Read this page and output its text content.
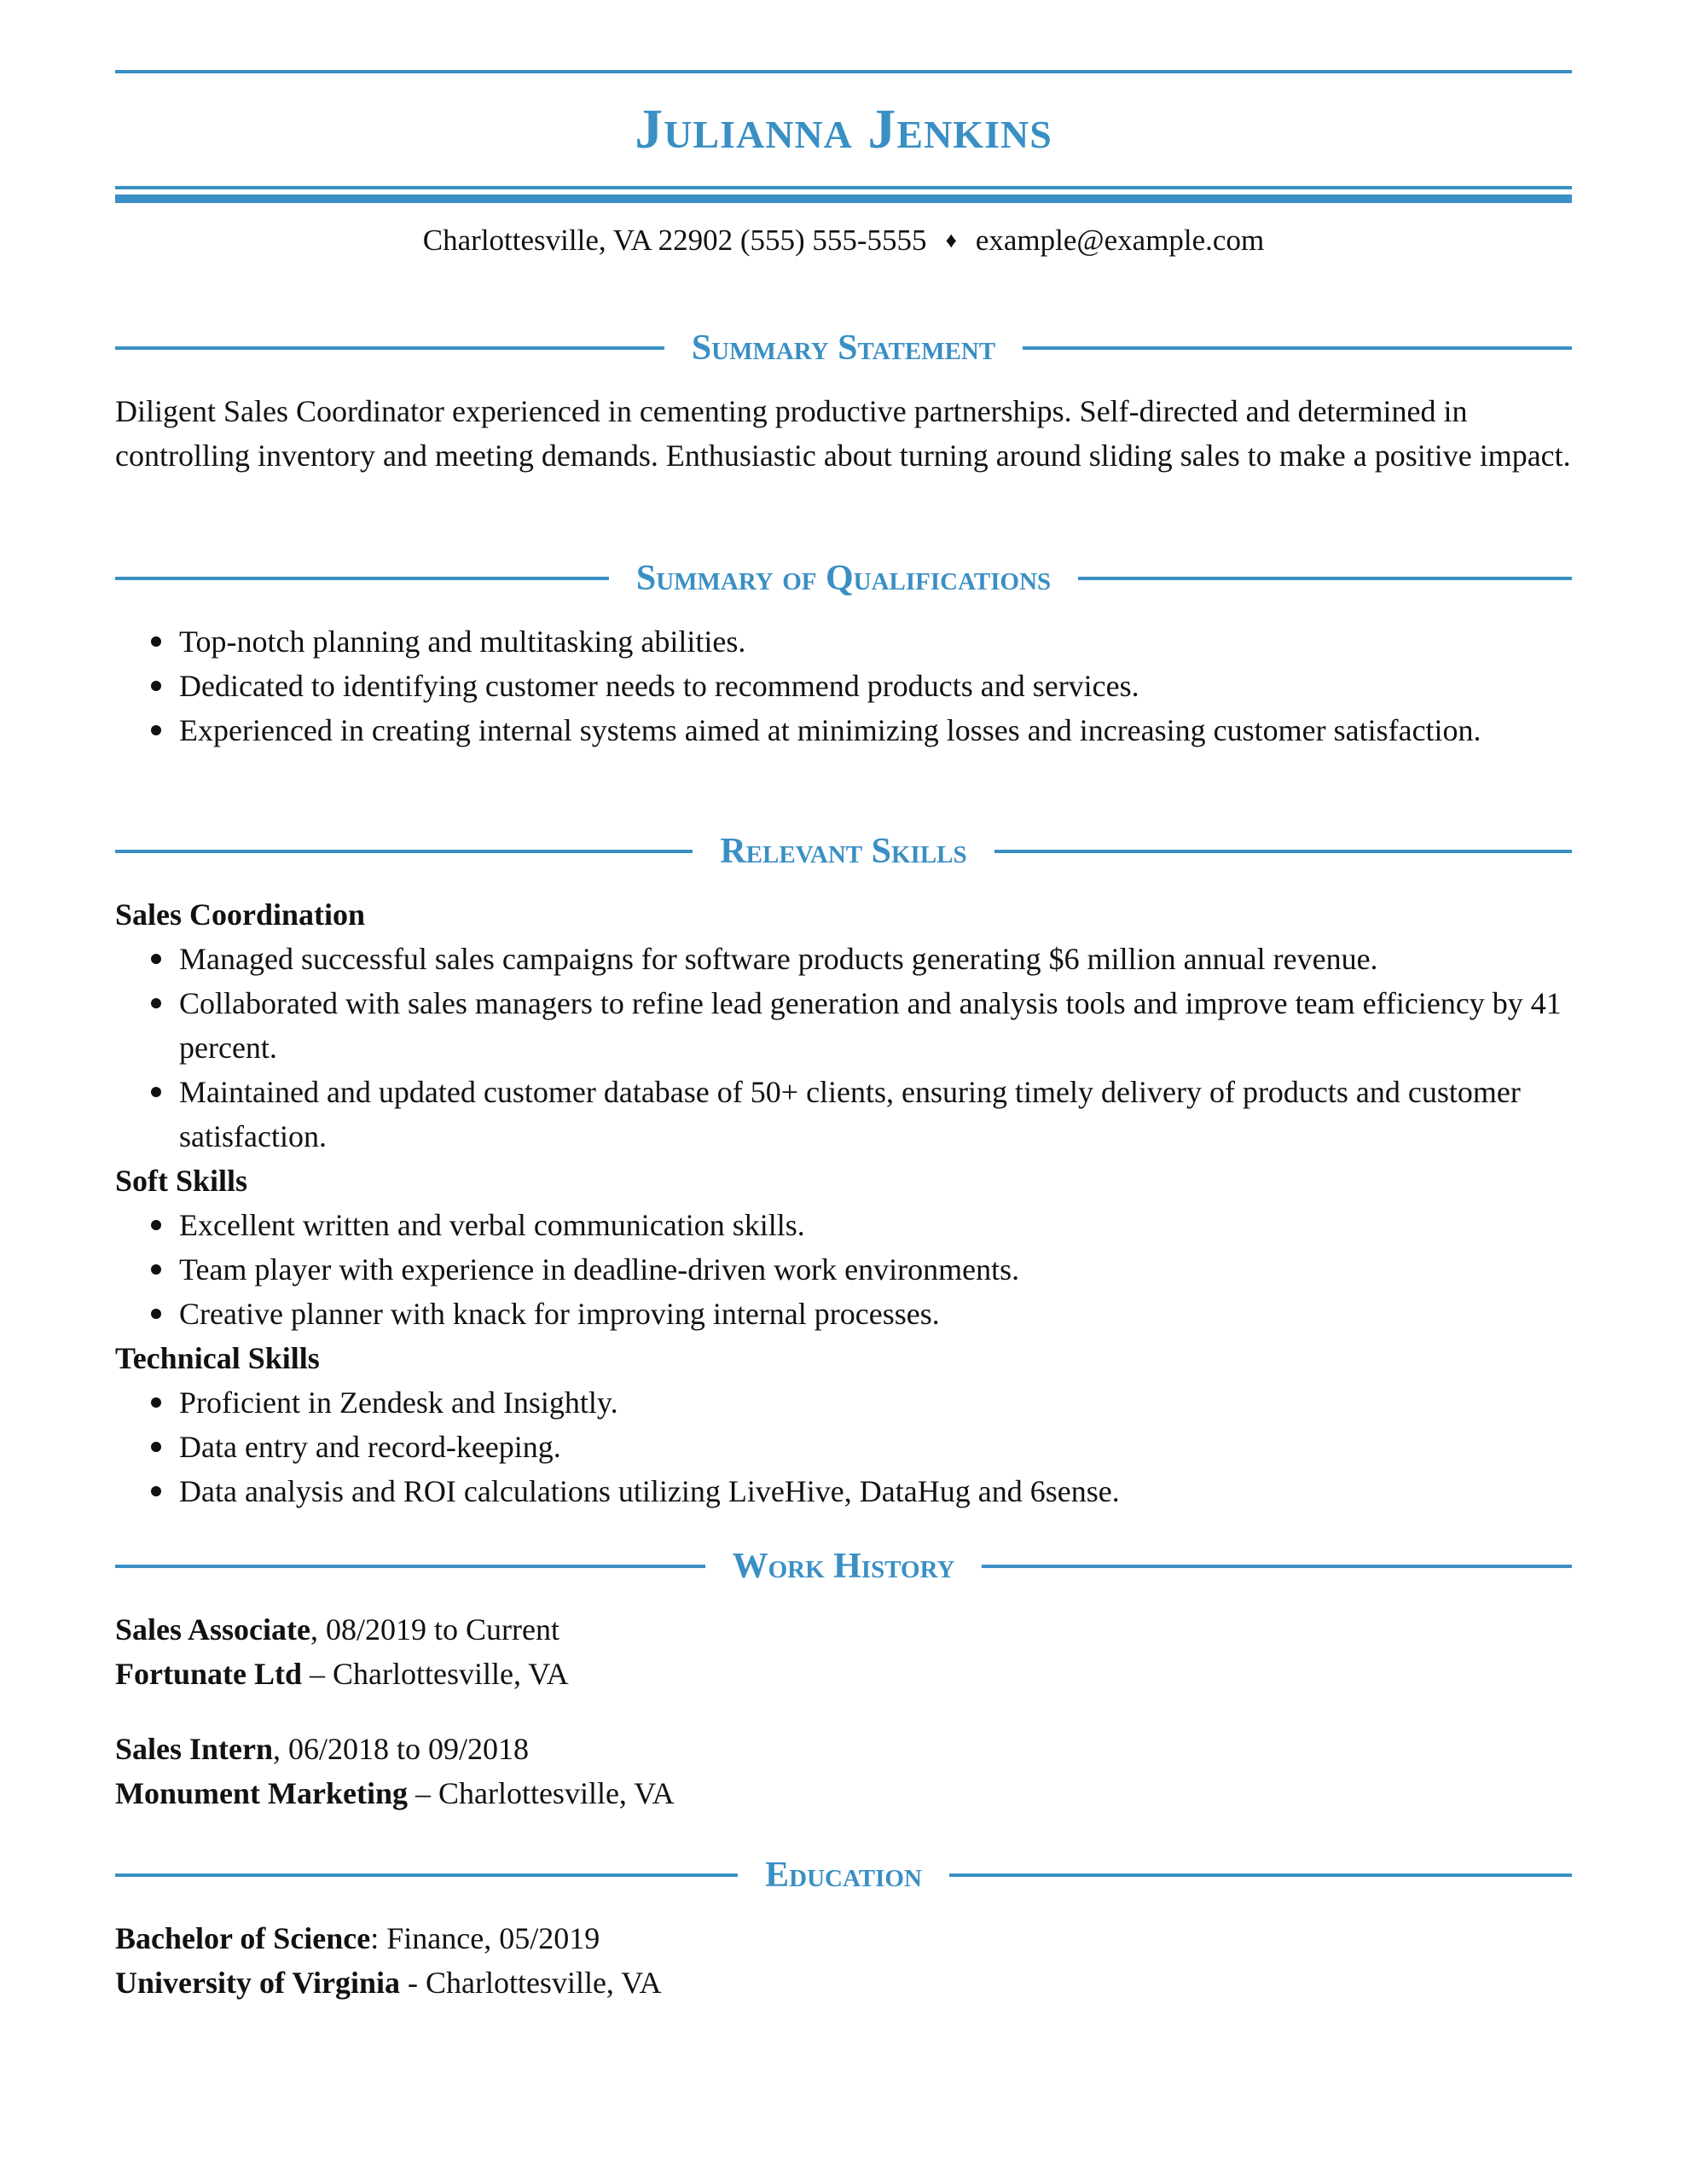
Julianna Jenkins
Charlottesville, VA 22902 (555) 555-5555 ♦ example@example.com
Summary Statement

Diligent Sales Coordinator experienced in cementing productive partnerships. Self-directed and determined in controlling inventory and meeting demands. Enthusiastic about turning around sliding sales to make a positive impact.

Summary of Qualifications
Top-notch planning and multitasking abilities.
Dedicated to identifying customer needs to recommend products and services.
Experienced in creating internal systems aimed at minimizing losses and increasing customer satisfaction.
Relevant Skills
Sales Coordination
Managed successful sales campaigns for software products generating $6 million annual revenue.
Collaborated with sales managers to refine lead generation and analysis tools and improve team efficiency by 41 percent.
Maintained and updated customer database of 50+ clients, ensuring timely delivery of products and customer satisfaction.
Soft Skills
Excellent written and verbal communication skills.
Team player with experience in deadline-driven work environments.
Creative planner with knack for improving internal processes.
Technical Skills
Proficient in Zendesk and Insightly.
Data entry and record-keeping.
Data analysis and ROI calculations utilizing LiveHive, DataHug and 6sense.
Work History
Sales Associate, 08/2019 to Current
Fortunate Ltd – Charlottesville, VA
Sales Intern, 06/2018 to 09/2018
Monument Marketing – Charlottesville, VA
Education
Bachelor of Science: Finance, 05/2019
University of Virginia - Charlottesville, VA
